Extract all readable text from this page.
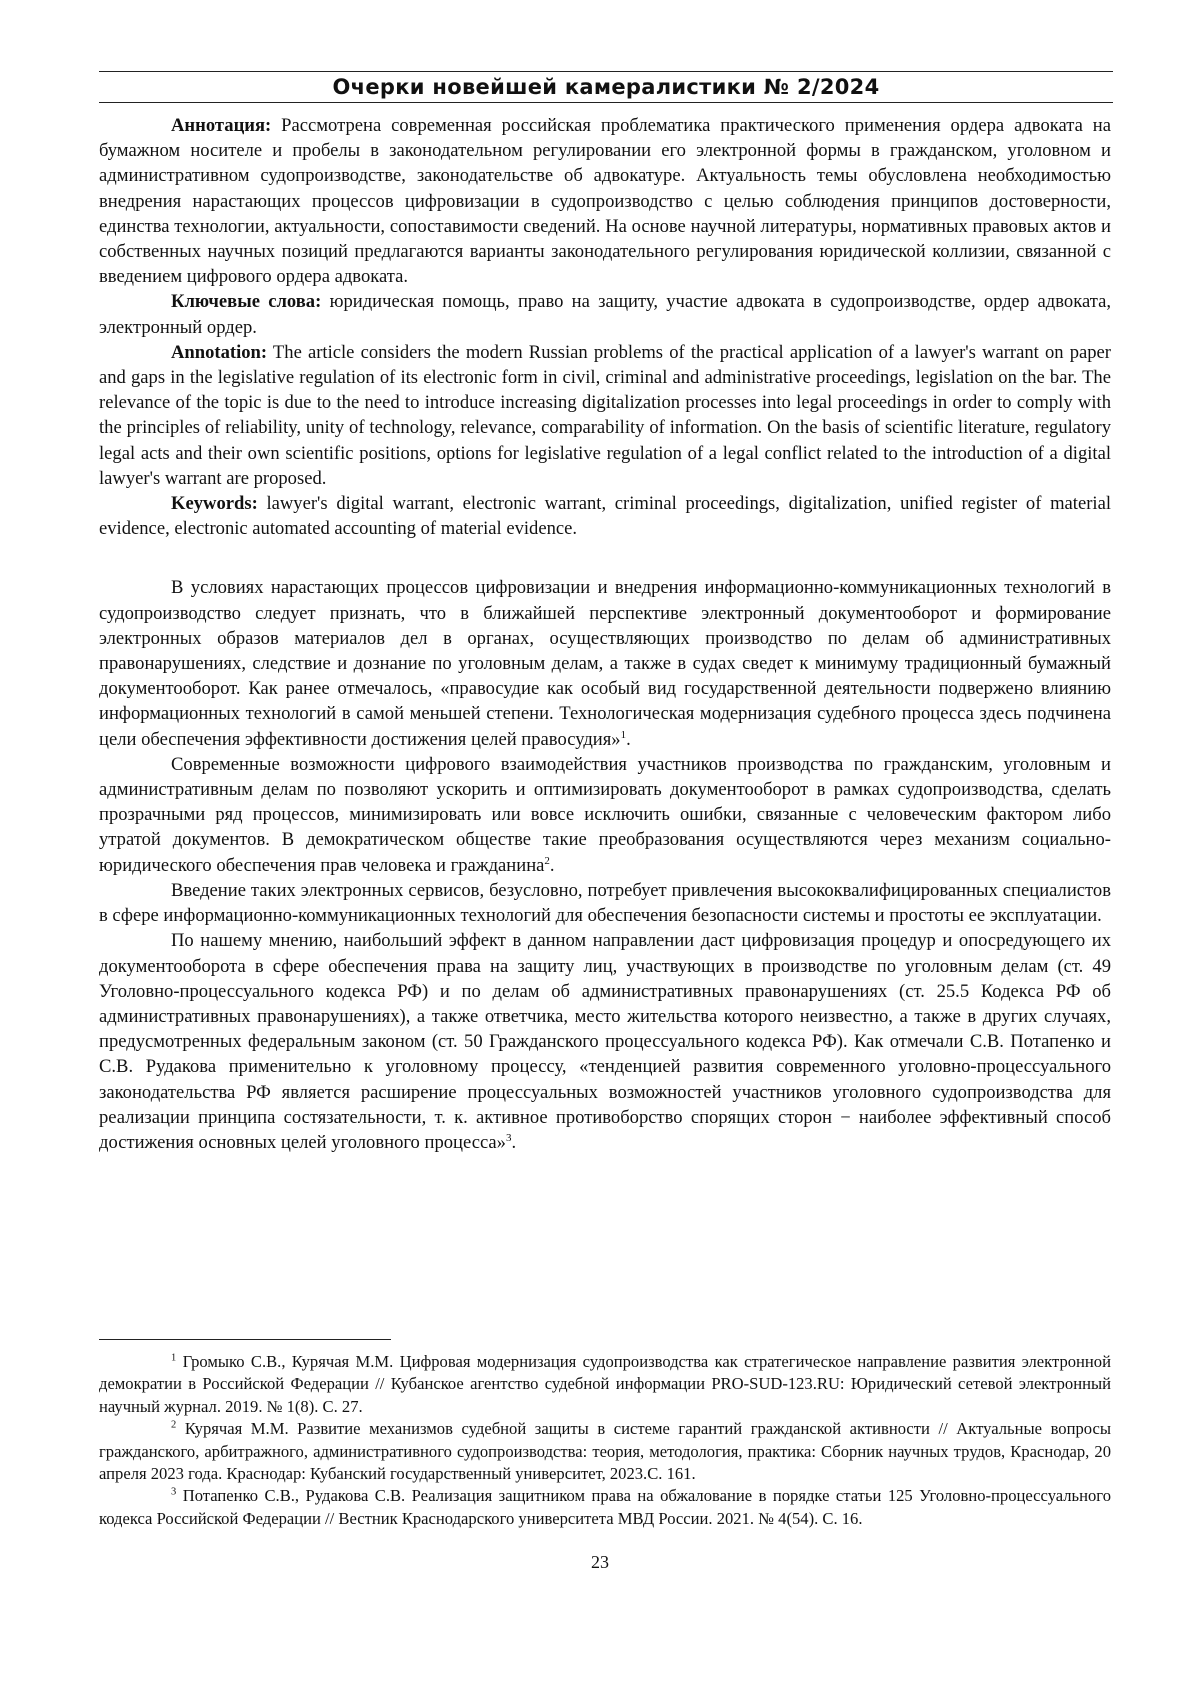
Очерки новейшей камералистики № 2/2024

Аннотация: Рассмотрена современная российская проблематика практического применения ордера адвоката на бумажном носителе и пробелы в законодательном регулировании его электронной формы в гражданском, уголовном и административном судопроизводстве, законодательстве об адвокатуре. Актуальность темы обусловлена необходимостью внедрения нарастающих процессов цифровизации в судопроизводство с целью соблюдения принципов достоверности, единства технологии, актуальности, сопоставимости сведений. На основе научной литературы, нормативных правовых актов и собственных научных позиций предлагаются варианты законодательного регулирования юридической коллизии, связанной с введением цифрового ордера адвоката.

Ключевые слова: юридическая помощь, право на защиту, участие адвоката в судопроизводстве, ордер адвоката, электронный ордер.

Annotation: The article considers the modern Russian problems of the practical application of a lawyer's warrant on paper and gaps in the legislative regulation of its electronic form in civil, criminal and administrative proceedings, legislation on the bar. The relevance of the topic is due to the need to introduce increasing digitalization processes into legal proceedings in order to comply with the principles of reliability, unity of technology, relevance, comparability of information. On the basis of scientific literature, regulatory legal acts and their own scientific positions, options for legislative regulation of a legal conflict related to the introduction of a digital lawyer's warrant are proposed.

Keywords: lawyer's digital warrant, electronic warrant, criminal proceedings, digitalization, unified register of material evidence, electronic automated accounting of material evidence.

В условиях нарастающих процессов цифровизации и внедрения информационно-коммуникационных технологий в судопроизводство следует признать, что в ближайшей перспективе электронный документооборот и формирование электронных образов материалов дел в органах, осуществляющих производство по делам об административных правонарушениях, следствие и дознание по уголовным делам, а также в судах сведет к минимуму традиционный бумажный документооборот. Как ранее отмечалось, «правосудие как особый вид государственной деятельности подвержено влиянию информационных технологий в самой меньшей степени. Технологическая модернизация судебного процесса здесь подчинена цели обеспечения эффективности достижения целей правосудия»$^1$.

Современные возможности цифрового взаимодействия участников производства по гражданским, уголовным и административным делам по позволяют ускорить и оптимизировать документооборот в рамках судопроизводства, сделать прозрачными ряд процессов, минимизировать или вовсе исключить ошибки, связанные с человеческим фактором либо утратой документов. В демократическом обществе такие преобразования осуществляются через механизм социально-юридического обеспечения прав человека и гражданина$^2$.

Введение таких электронных сервисов, безусловно, потребует привлечения высококвалифицированных специалистов в сфере информационно-коммуникационных технологий для обеспечения безопасности системы и простоты ее эксплуатации.

По нашему мнению, наибольший эффект в данном направлении даст цифровизация процедур и опосредующего их документооборота в сфере обеспечения права на защиту лиц, участвующих в производстве по уголовным делам (ст. 49 Уголовно-процессуального кодекса РФ) и по делам об административных правонарушениях (ст. 25.5 Кодекса РФ об административных правонарушениях), а также ответчика, место жительства которого неизвестно, а также в других случаях, предусмотренных федеральным законом (ст. 50 Гражданского процессуального кодекса РФ). Как отмечали С.В. Потапенко и С.В. Рудакова применительно к уголовному процессу, «тенденцией развития современного уголовно-процессуального законодательства РФ является расширение процессуальных возможностей участников уголовного судопроизводства для реализации принципа состязательности, т. к. активное противоборство спорящих сторон − наиболее эффективный способ достижения основных целей уголовного процесса»$^3$.

$^1$ Громыко С.В., Курячая М.М. Цифровая модернизация судопроизводства как стратегическое направление развития электронной демократии в Российской Федерации // Кубанское агентство судебной информации PRO-SUD-123.RU: Юридический сетевой электронный научный журнал. 2019. № 1(8). С. 27.

$^2$ Курячая М.М. Развитие механизмов судебной защиты в системе гарантий гражданской активности // Актуальные вопросы гражданского, арбитражного, административного судопроизводства: теория, методология, практика: Сборник научных трудов, Краснодар, 20 апреля 2023 года. Краснодар: Кубанский государственный университет, 2023.С. 161.

$^3$ Потапенко С.В., Рудакова С.В. Реализация защитником права на обжалование в порядке статьи 125 Уголовно-процессуального кодекса Российской Федерации // Вестник Краснодарского университета МВД России. 2021. № 4(54). С. 16.

23
